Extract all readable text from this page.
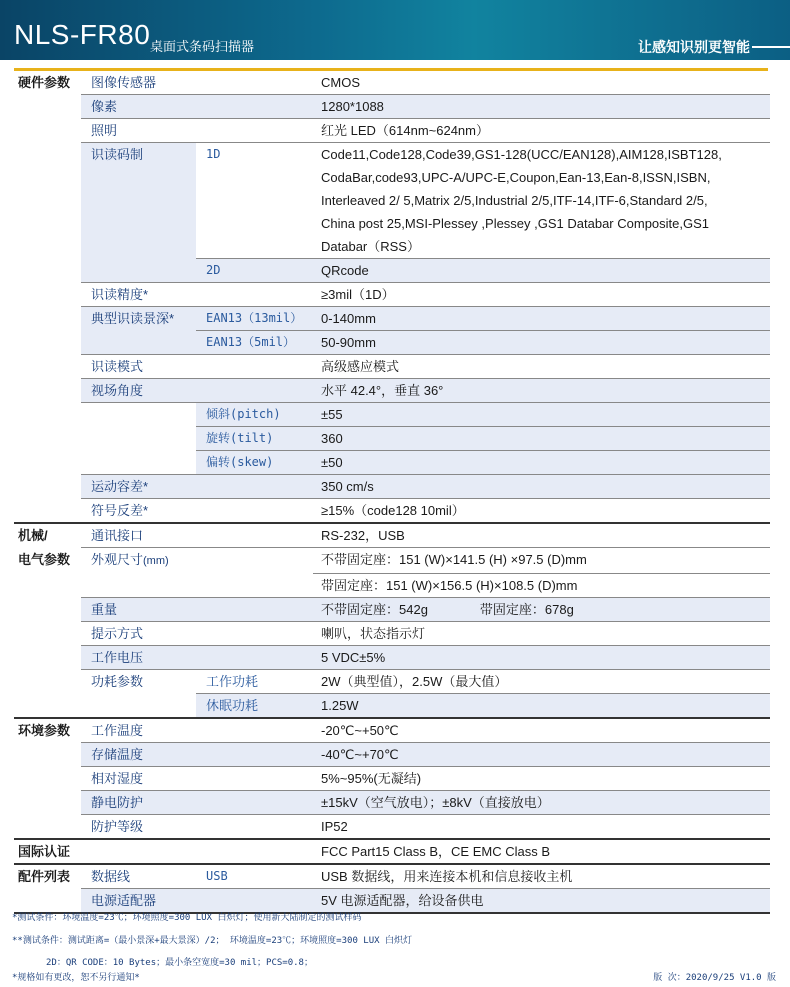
NLS-FR80 桌面式条码扫描器	让感知识别更智能
硬件参数	图像传感器		CMOS
	像素		1280*1088
	照明		红光 LED（614nm~624nm）
	识读码制	1D	Code11,Code128,Code39,GS1-128(UCC/EAN128),AIM128,ISBT128,
CodaBar,code93,UPC-A/UPC-E,Coupon,Ean-13,Ean-8,ISSN,ISBN,
Interleaved 2/ 5,Matrix 2/5,Industrial 2/5,ITF-14,ITF-6,Standard 2/5,
China post 25,MSI-Plessey ,Plessey ,GS1 Databar Composite,GS1
Databar（RSS）

		2D	QRcode
	识读精度*		≥3mil（1D）
	典型识读景深*	EAN13（13mil）	0-140mm
		EAN13（5mil）	50-90mm
	识读模式		高级感应模式
	视场角度		水平 42.4°，垂直 36°
		倾斜(pitch)	±55
		旋转(tilt)	360
		偏转(skew)	±50
	运动容差*		350 cm/s
	符号反差*		≥15%（code128 10mil）
机械/	通讯接口		RS-232，USB
电气参数	外观尺寸(mm)		不带固定座：151 (W)×141.5 (H) ×97.5 (D)mm
			带固定座：151 (W)×156.5 (H)×108.5 (D)mm
	重量		不带固定座：542g 带固定座：678g
	提示方式		喇叭，状态指示灯
	工作电压		5 VDC±5%
	功耗参数	工作功耗	2W（典型值），2.5W（最大值）
		休眠功耗	1.25W
环境参数	工作温度		-20℃~+50℃
	存储温度		-40℃~+70℃
	相对湿度		5%~95%(无凝结)
	静电防护		±15kV（空气放电）；±8kV（直接放电）
	防护等级		IP52
国际认证			FCC Part15 Class B，CE EMC Class B
配件列表	数据线	USB	USB 数据线，用来连接本机和信息接收主机
	电源适配器		5V 电源适配器，给设备供电
*测试条件：环境温度=23℃；环境照度=300 LUX 白炽灯；使用新大陆制定的测试样码
**测试条件：测试距离=（最小景深+最大景深）/2； 环境温度=23℃；环境照度=300 LUX 白炽灯
2D：QR CODE：10 Bytes；最小条空宽度=30 mil；PCS=0.8；
*规格如有更改，恕不另行通知*	版 次：2020/9/25 V1.0 版
